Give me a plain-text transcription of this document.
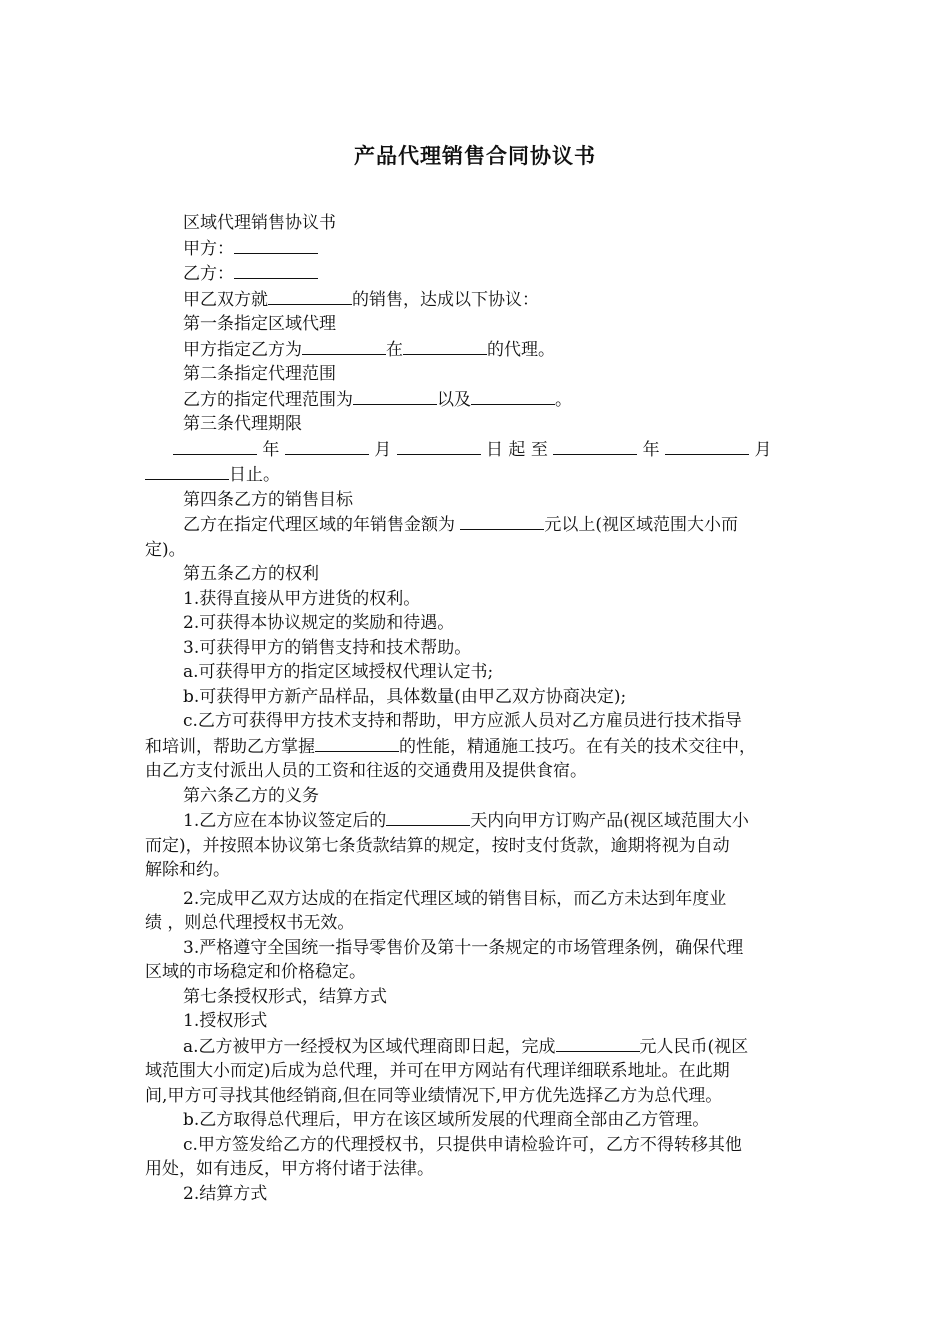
产品代理销售合同协议书

区域代理销售协议书

甲方：

乙方：

甲乙双方就	的销售，达成以下协议：

第一条指定区域代理

甲方指定乙方为	在	的代理。

第二条指定代理范围

乙方的指定代理范围为	以及	。

第三条代理期限

年	月	日 起 至	年	月

日止。

第四条乙方的销售目标

乙方在指定代理区域的年销售金额为	元以上(视区域范围大小而

定)。

第五条乙方的权利

1.获得直接从甲方进货的权利。

2.可获得本协议规定的奖励和待遇。

3.可获得甲方的销售支持和技术帮助。

a.可获得甲方的指定区域授权代理认定书;

b.可获得甲方新产品样品，具体数量(由甲乙双方协商决定);

c.乙方可获得甲方技术支持和帮助，甲方应派人员对乙方雇员进行技术指导

和培训，帮助乙方掌握	的性能，精通施工技巧。在有关的技术交往中，

由乙方支付派出人员的工资和往返的交通费用及提供食宿。

第六条乙方的义务

1.乙方应在本协议签定后的	天内向甲方订购产品(视区域范围大小

而定)，并按照本协议第七条货款结算的规定，按时支付货款，逾期将视为自动

解除和约。

2.完成甲乙双方达成的在指定代理区域的销售目标，而乙方未达到年度业

绩 ，则总代理授权书无效。

3.严格遵守全国统一指导零售价及第十一条规定的市场管理条例，确保代理

区域的市场稳定和价格稳定。

第七条授权形式，结算方式

1.授权形式

a.乙方被甲方一经授权为区域代理商即日起，完成	元人民币(视区

域范围大小而定)后成为总代理，并可在甲方网站有代理详细联系地址。在此期

间,甲方可寻找其他经销商,但在同等业绩情况下,甲方优先选择乙方为总代理。

b.乙方取得总代理后，甲方在该区域所发展的代理商全部由乙方管理。

c.甲方签发给乙方的代理授权书，只提供申请检验许可，乙方不得转移其他

用处，如有违反，甲方将付诸于法律。

2.结算方式
